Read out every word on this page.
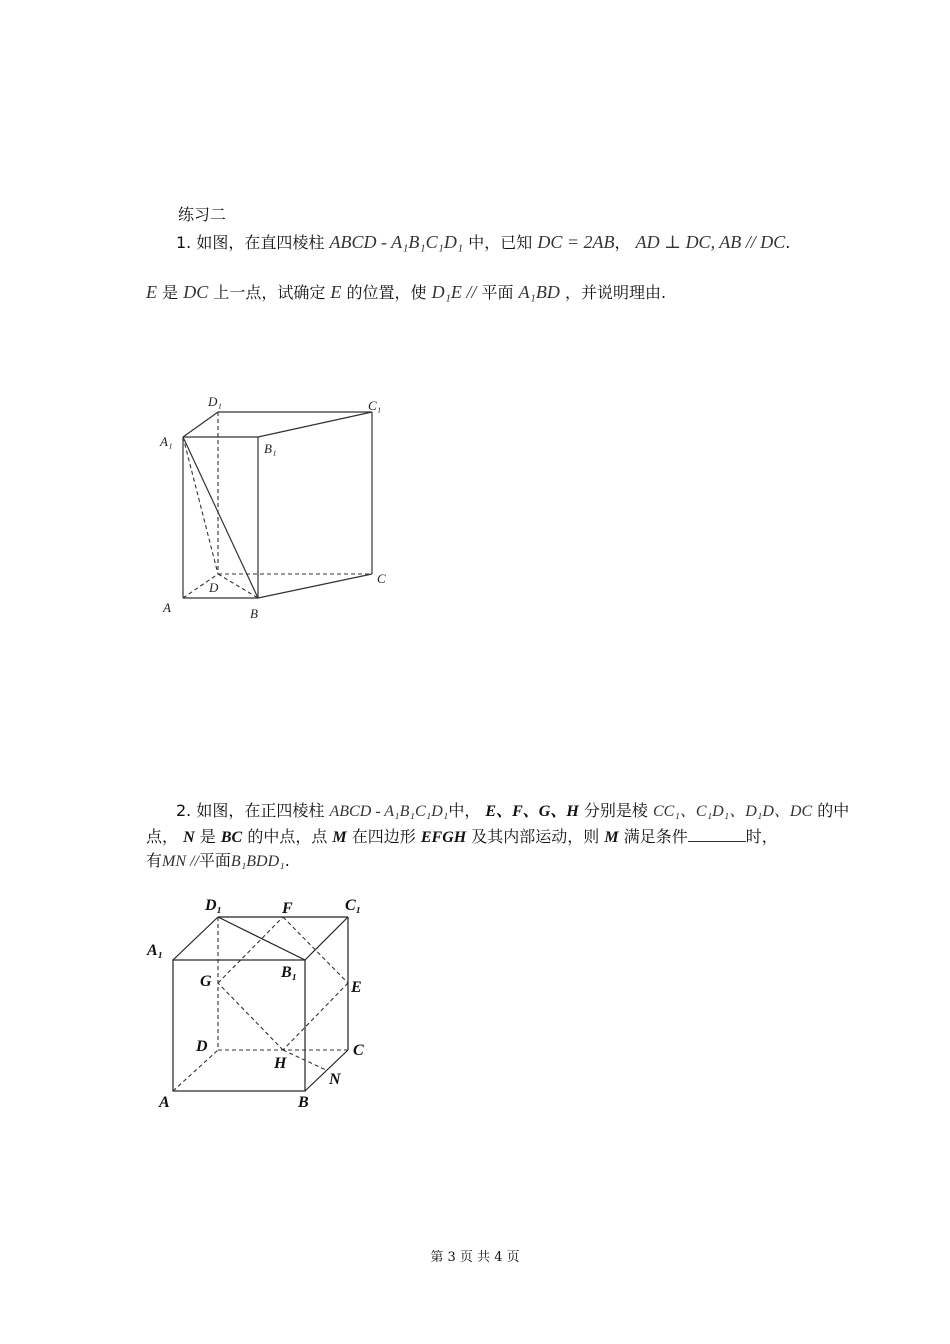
练习二
1. 如图，在直四棱柱 ABCD - A₁B₁C₁D₁ 中，已知 DC = 2AB， AD ⊥ DC, AB // DC.
E 是 DC 上一点，试确定 E 的位置，使 D₁E // 平面 A₁BD ，并说明理由.
D₁	C₁
A₁	B₁
D
C
A	B
2. 如图，在正四棱柱 ABCD - A₁B₁C₁D₁中， E、F、G、H 分别是棱 CC₁、C₁D₁、D₁D、DC 的中
点， N 是 BC 的中点，点 M 在四边形 EFGH 及其内部运动，则 M 满足条件	时，
有MN //平面B₁BDD₁.
D₁	F	C₁
A₁
G
B₁
E
D	C
H
N
A	B
第 3 页 共 4 页
